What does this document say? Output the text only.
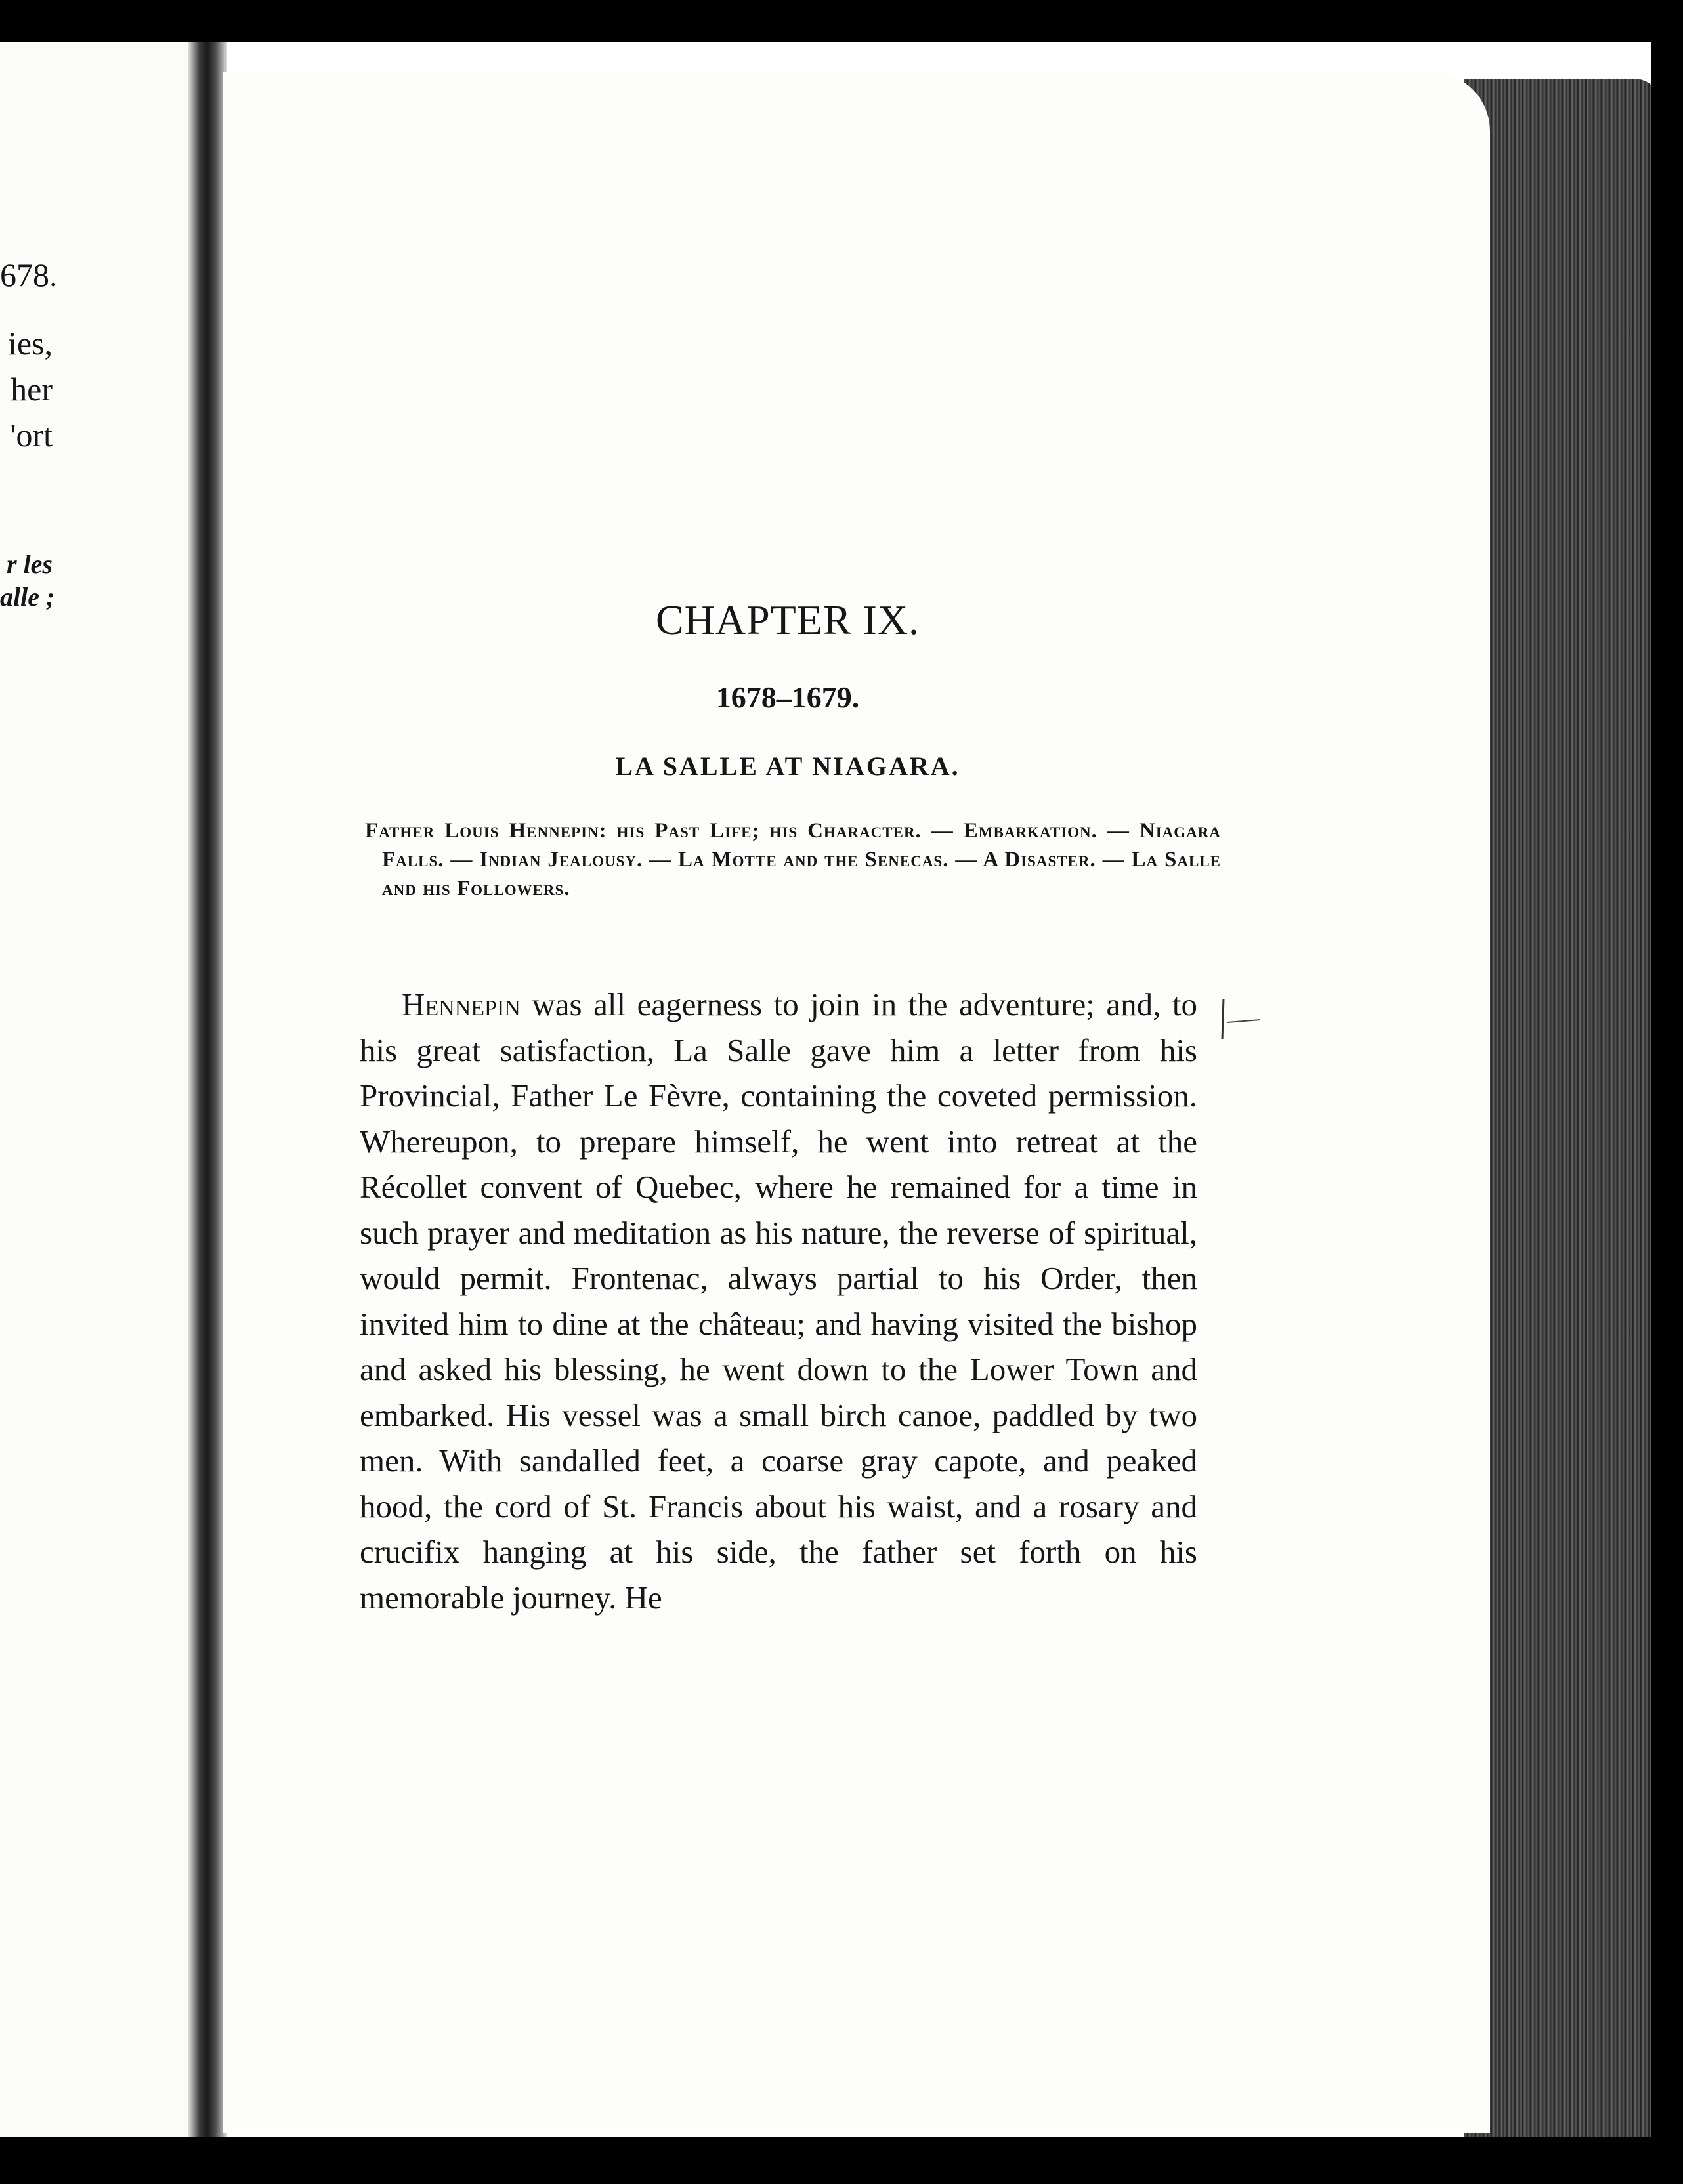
678.
ies,
her
'ort
r les
alle ;	CHAPTER IX.
1678–1679.
LA SALLE AT NIAGARA.

Father Louis Hennepin: his Past Life; his Character. — Embarkation. — Niagara Falls. — Indian Jealousy. — La Motte and the Senecas. — A Disaster. — La Salle and his Followers.

Hennepin was all eagerness to join in the adventure; and, to his great satisfaction, La Salle gave him a letter from his Provincial, Father Le Fèvre, containing the coveted permission. Whereupon, to prepare himself, he went into retreat at the Récollet convent of Quebec, where he remained for a time in such prayer and meditation as his nature, the reverse of spiritual, would permit. Frontenac, always partial to his Order, then invited him to dine at the château; and having visited the bishop and asked his blessing, he went down to the Lower Town and embarked. His vessel was a small birch canoe, paddled by two men. With sandalled feet, a coarse gray capote, and peaked hood, the cord of St. Francis about his waist, and a rosary and crucifix hanging at his side, the father set forth on his memorable journey. He
